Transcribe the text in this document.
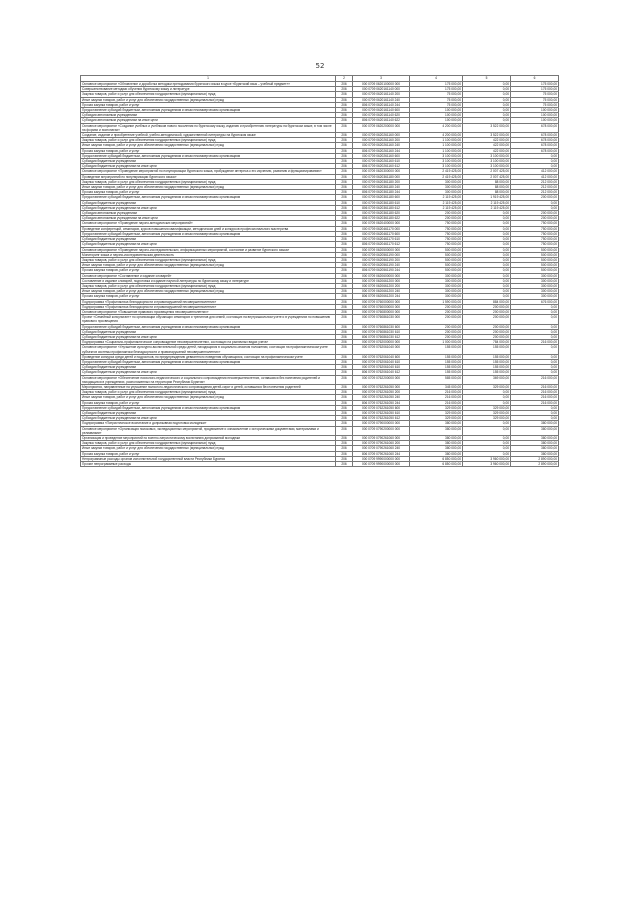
52
1	2	3	4	5	6
Основное мероприятие «Обновление и доработка методики преподавания бурятского языка в курсе «Бурятский язык – учебный предмет»»	206	000 0709 0620100000 000	175 000,00	0,00	175 000,00
Совершенствование методики обучения бурятскому языку и литературе	206	000 0709 0620161140 000	175 000,00	0,00	175 000,00
Закупка товаров, работ и услуг для обеспечения государственных (муниципальных) нужд	206	000 0709 0620161140 200	75 000,00	0,00	75 000,00
Иные закупки товаров, работ и услуг для обеспечения государственных (муниципальных) нужд	206	000 0709 0620161140 240	75 000,00	0,00	75 000,00
Прочая закупка товаров, работ и услуг	206	806 0709 0620161140 244	75 000,00	0,00	75 000,00
Предоставление субсидий бюджетным, автономным учреждениям и иным некоммерческим организациям	206	000 0709 0620161140 600	100 000,00	0,00	100 000,00
Субсидии автономным учреждениям	206	000 0709 0620161140 620	100 000,00	0,00	100 000,00
Субсидии автономным учреждениям на иные цели	206	806 0709 0620161140 622	100 000,00	0,00	100 000,00
Основное мероприятие «Создание учебных и учебников нового поколения по бурятскому языку, изданию и приобретению литературы на бурятском языке, в том числе на формах и экспонатах»	206	000 0709 0620200000 000	4 200 000,00	3 522 000,00	678 000,00
Создание, издание и приобретение учебной, учебно-методической, художественной литературы на бурятском языке	206	000 0709 0620261160 000	4 200 000,00	3 522 000,00	678 000,00
Закупка товаров, работ и услуг для обеспечения государственных (муниципальных) нужд	206	000 0709 0620261160 200	1 100 000,00	422 000,00	678 000,00
Иные закупки товаров, работ и услуг для обеспечения государственных (муниципальных) нужд	206	000 0709 0620261160 240	1 100 000,00	422 000,00	678 000,00
Прочая закупка товаров, работ и услуг	206	806 0709 0620261160 244	1 100 000,00	422 000,00	678 000,00
Предоставление субсидий бюджетным, автономным учреждениям и иным некоммерческим организациям	206	000 0709 0620261160 600	3 100 000,00	3 100 000,00	0,00
Субсидии бюджетным учреждениям	206	000 0709 0620261160 610	3 100 000,00	3 100 000,00	0,00
Субсидии бюджетным учреждениям на иные цели	206	806 0709 0620261160 612	3 100 000,00	3 100 000,00	0,00
Основное мероприятие «Проведение мероприятий по популяризации бурятского языка, пробуждение интереса к его изучению, развитию и функционированию»	206	000 0709 0620300000 000	2 419 425,00	2 007 425,00	412 000,00
Проведение мероприятий по популяризации бурятского языка»	206	000 0709 0620361180 000	2 419 425,00	2 007 425,00	412 000,00
Закупка товаров, работ и услуг для обеспечения государственных (муниципальных) нужд	206	000 0709 0620361180 200	300 000,00	88 000,00	212 000,00
Иные закупки товаров, работ и услуг для обеспечения государственных (муниципальных) нужд	206	000 0709 0620361180 240	300 000,00	88 000,00	212 000,00
Прочая закупка товаров, работ и услуг	206	806 0709 0620361180 244	300 000,00	88 000,00	212 000,00
Предоставление субсидий бюджетным, автономным учреждениям и иным некоммерческим организациям	206	000 0709 0620361180 600	2 119 425,00	1 919 425,00	200 000,00
Субсидии бюджетным учреждениям	206	000 0709 0620361180 610	2 119 425,00	2 119 425,00	0,00
Субсидии бюджетным учреждениям на иные цели	206	806 0709 0620361180 612	2 119 425,00	2 119 425,00	0,00
Субсидии автономным учреждениям	206	000 0709 0620361180 620	200 000,00	0,00	200 000,00
Субсидии автономным учреждениям на иные цели	206	806 0709 0620361180 622	200 000,00	0,00	200 000,00
Основное мероприятие «Проведение научно-методических мероприятий»	206	000 0709 0620400000 000	750 000,00	0,00	750 000,00
Проведение конференций, семинаров, курсов повышения квалификации, методических дней и конкурсов профессионального мастерства	206	000 0709 0620461170 000	750 000,00	0,00	750 000,00
Предоставление субсидий бюджетным, автономным учреждениям и иным некоммерческим организациям	206	000 0709 0620461170 600	750 000,00	0,00	750 000,00
Субсидии бюджетным учреждениям	206	000 0709 0620461170 610	750 000,00	0,00	750 000,00
Субсидии бюджетным учреждениям на иные цели	206	806 0709 0620461170 612	750 000,00	0,00	750 000,00
Основное мероприятие «Проведение научно-исследовательских, информационных мероприятий, состояние и развитие бурятского языка»	206	000 0709 0620500000 000	500 000,00	0,00	500 000,00
Мониторинг языка и научно-исследовательская деятельность	206	000 0709 0620561190 000	500 000,00	0,00	500 000,00
Закупка товаров, работ и услуг для обеспечения государственных (муниципальных) нужд	206	000 0709 0620561190 200	500 000,00	0,00	500 000,00
Иные закупки товаров, работ и услуг для обеспечения государственных (муниципальных) нужд	206	000 0709 0620561190 240	500 000,00	0,00	500 000,00
Прочая закупка товаров, работ и услуг	206	806 0709 0620561190 244	500 000,00	0,00	500 000,00
Основное мероприятие «Составление и издание словарей»	206	000 0709 0620600000 000	300 000,00	0,00	300 000,00
Составление и издание словарей, подготовка и издание научной литературы по бурятскому языку и литературе	206	000 0709 0620661200 000	300 000,00	0,00	300 000,00
Закупка товаров, работ и услуг для обеспечения государственных (муниципальных) нужд	206	000 0709 0620661200 200	300 000,00	0,00	300 000,00
Иные закупки товаров, работ и услуг для обеспечения государственных (муниципальных) нужд	206	000 0709 0620661200 240	300 000,00	0,00	300 000,00
Прочая закупка товаров, работ и услуг	206	806 0709 0620661200 244	300 000,00	0,00	300 000,00
Подпрограмма «Профилактика безнадзорности и правонарушений несовершеннолетних»	206	000 0709 0760000000 000	1 590 000,00	884 000,00	676 000,00
Подпрограмма «Профилактика безнадзорности и правонарушений несовершеннолетних»	206	000 0709 0760000000 000	200 000,00	200 000,00	0,00
Основное мероприятие «Повышение правового просвещения несовершеннолетних»	206	000 0709 0760800000 000	200 000,00	200 000,00	0,00
Проект «Семейный консультант» по организации обучающих семинаров и тренингов для семей, состоящих на внутришкольном учете и в учреждениях по повышению правового просвещения	206	000 0709 0760861030 000	200 000,00	200 000,00	0,00
Предоставление субсидий бюджетным, автономным учреждениям и иным некоммерческим организациям	206	000 0709 0760861030 600	200 000,00	200 000,00	0,00
Субсидии бюджетным учреждениям	206	000 0709 0760861030 610	200 000,00	200 000,00	0,00
Субсидии бюджетным учреждениям на иные цели	206	806 0709 0760861030 612	200 000,00	200 000,00	0,00
Подпрограмма «Социально-профилактическое сопровождение несовершеннолетних, состоящих на различных видах учета»	206	000 0709 0762000000 000	1 000 000,00	784 000,00	216 000,00
Основное мероприятие «Улучшение культурно-воспитательной среды детей, находящихся в социально-опасном положении, состоящих на профилактическом учете субъектов системы профилактики безнадзорности и правонарушений несовершеннолетних»	206	000 0709 0762061040 000	155 000,00	155 000,00	0,00
Проведение конкурса среди детей и подростков, по предупреждению девиантного поведения обучающихся, состоящих на профилактическом учете	206	000 0709 0762061040 600	155 000,00	155 000,00	0,00
Предоставление субсидий бюджетным, автономным учреждениям и иным некоммерческим организациям	206	000 0709 0762061040 610	155 000,00	155 000,00	0,00
Субсидии бюджетным учреждениям	206	000 0709 0762061040 610	155 000,00	155 000,00	0,00
Субсидии бюджетным учреждениям на иные цели	206	806 0709 0762061040 612	155 000,00	155 000,00	0,00
Основное мероприятие «Обеспечение психолого-педагогического и социального сопровождения несовершеннолетних, оставшихся без попечения родителей и находящихся в учреждениях, расположенных на территории Республики Бурятия»	206	000 0709 0762200000 000	585 000,00	369 000,00	216 000,00
Мероприятия, направленные на улучшение психолого-педагогического сопровождения детей-сирот и детей, оставшихся без попечения родителей	206	000 0709 0762261050 000	345 000,00	329 000,00	216 000,00
Закупка товаров, работ и услуг для обеспечения государственных (муниципальных) нужд	206	000 0709 0762261050 200	216 000,00	0,00	216 000,00
Иные закупки товаров, работ и услуг для обеспечения государственных (муниципальных) нужд	206	000 0709 0762261050 240	216 000,00	0,00	216 000,00
Прочая закупка товаров, работ и услуг	206	806 0709 0762261050 244	216 000,00	0,00	216 000,00
Предоставление субсидий бюджетным, автономным учреждениям и иным некоммерческим организациям	206	000 0709 0762261050 600	329 000,00	329 000,00	0,00
Субсидии бюджетным учреждениям	206	000 0709 0762261050 610	329 000,00	329 000,00	0,00
Субсидии бюджетным учреждениям на иные цели	206	806 0709 0762261050 612	329 000,00	329 000,00	0,00
Подпрограмма «Патриотическое воспитание и допризывная подготовка молодежи»	206	000 0709 0790000000 000	380 000,00	0,00	380 000,00
Основное мероприятие «Организация поисковых, экспедиционных мероприятий, продвижение и ознакомление с историческими документами, материалами и реликвиями»	206	000 0709 0790200000 000	380 000,00	0,00	380 000,00
Организация и проведение мероприятий по военно-патриотическому воспитанию допризывной молодежи	206	000 0709 0790261060 000	380 000,00	0,00	380 000,00
Закупка товаров, работ и услуг для обеспечения государственных (муниципальных) нужд	206	000 0709 0790261060 200	380 000,00	0,00	380 000,00
Иные закупки товаров, работ и услуг для обеспечения государственных (муниципальных) нужд	206	000 0709 0790261060 240	380 000,00	0,00	380 000,00
Прочая закупка товаров, работ и услуг	206	806 0709 0790261060 244	380 000,00	0,00	380 000,00
Непрограммные расходы органов исполнительной государственной власти Республики Бурятия	206	000 0709 9990000000 000	6 850 000,00	3 960 000,00	2 890 000,00
Прочие непрограммные расходы	206	000 0709 9990000000 000	6 850 000,00	3 960 000,00	2 890 000,00
